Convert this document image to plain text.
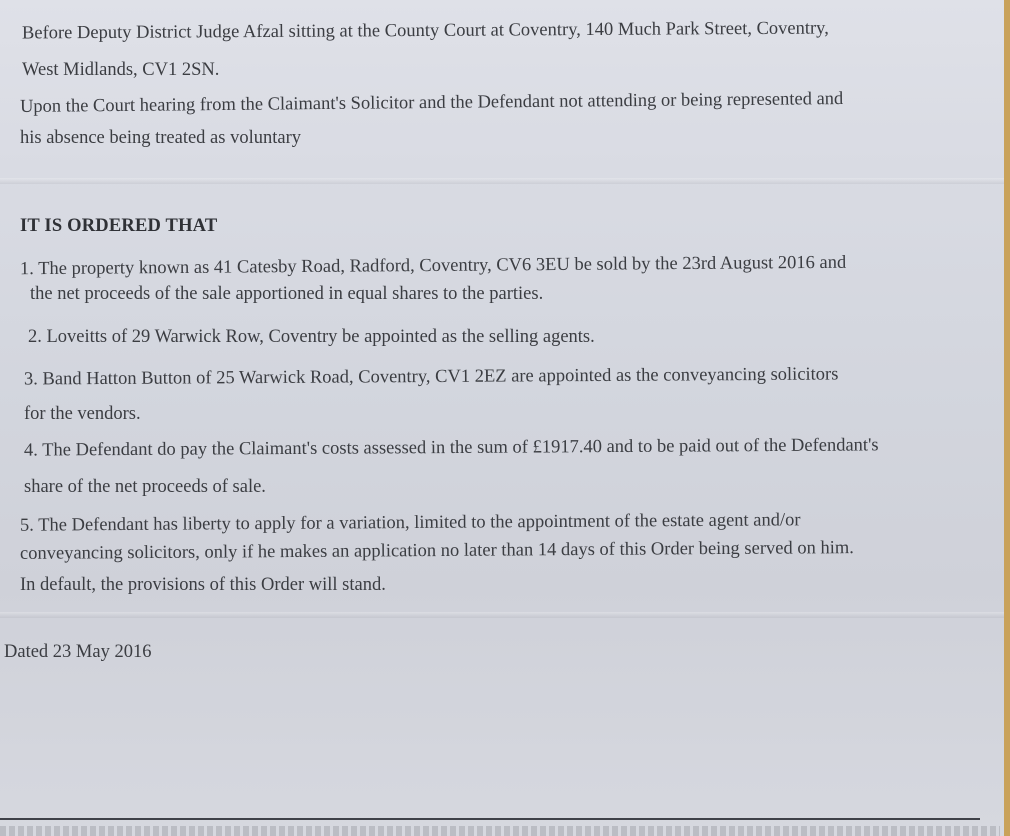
Before Deputy District Judge Afzal sitting at the County Court at Coventry, 140 Much Park Street, Coventry,
West Midlands, CV1 2SN.
Upon the Court hearing from the Claimant's Solicitor and the Defendant not attending or being represented and
his absence being treated as voluntary
IT IS ORDERED THAT
1. The property known as 41 Catesby Road, Radford, Coventry, CV6 3EU be sold by the 23rd August 2016 and
the net proceeds of the sale apportioned in equal shares to the parties.
2. Loveitts of 29 Warwick Row, Coventry be appointed as the selling agents.
3. Band Hatton Button of 25 Warwick Road, Coventry, CV1 2EZ are appointed as the conveyancing solicitors
for the vendors.
4. The Defendant do pay the Claimant's costs assessed in the sum of £1917.40 and to be paid out of the Defendant's
share of the net proceeds of sale.
5. The Defendant has liberty to apply for a variation, limited to the appointment of the estate agent and/or
conveyancing solicitors, only if he makes an application no later than 14 days of this Order being served on him.
In default, the provisions of this Order will stand.
Dated 23 May 2016
